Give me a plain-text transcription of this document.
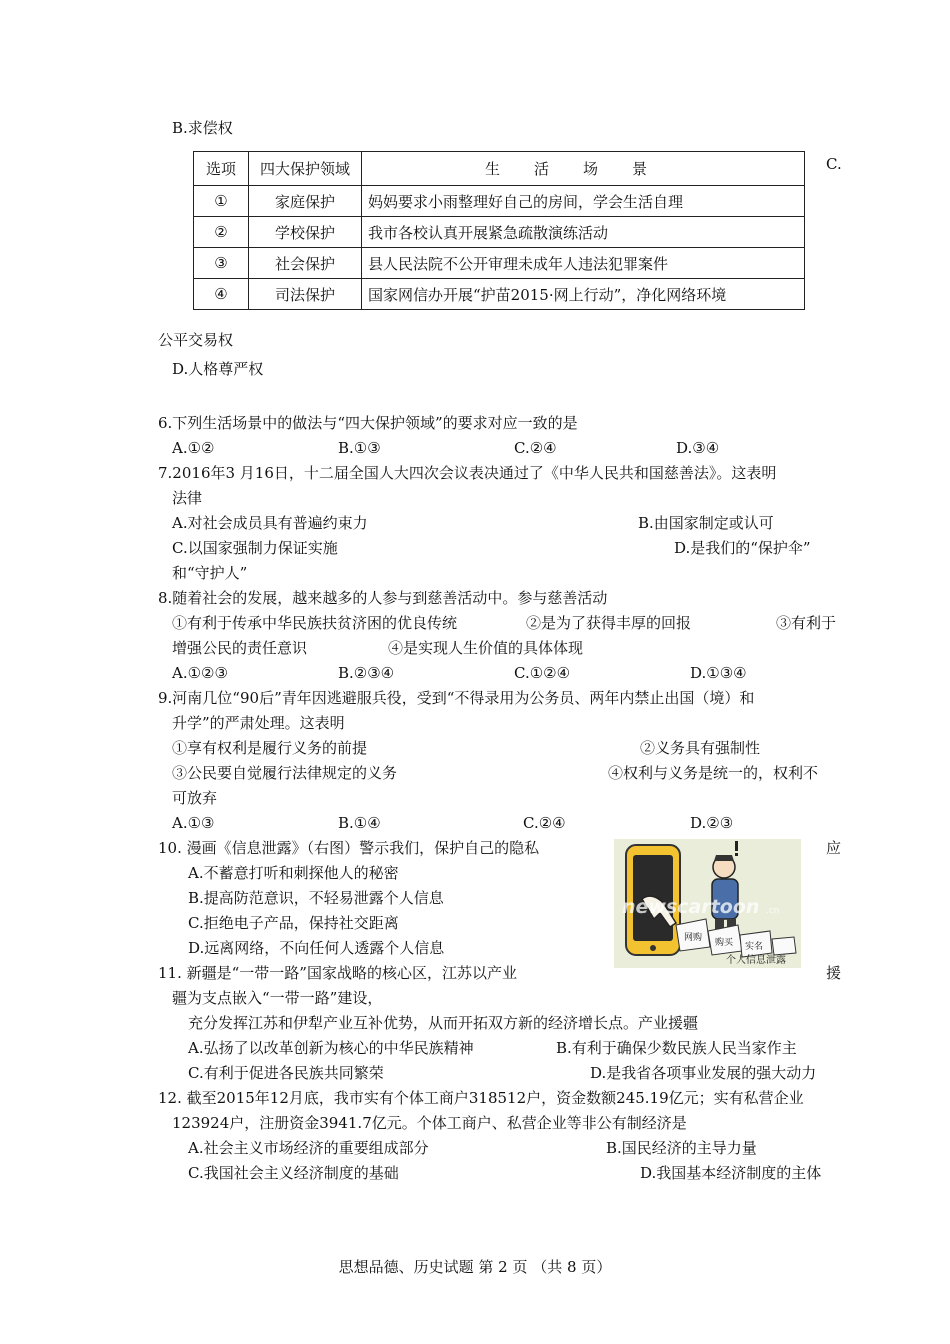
B.求偿权
C.
选项	四大保护领域	生活场景
①	家庭保护	妈妈要求小雨整理好自己的房间，学会生活自理
②	学校保护	我市各校认真开展紧急疏散演练活动
③	社会保护	县人民法院不公开审理未成年人违法犯罪案件
④	司法保护	国家网信办开展“护苗2015·网上行动”，净化网络环境
公平交易权
D.人格尊严权
6.下列生活场景中的做法与“四大保护领域”的要求对应一致的是
A.①②	B.①③	C.②④	D.③④
7.2016年3 月16日，十二届全国人大四次会议表决通过了《中华人民共和国慈善法》。这表明
法律
A.对社会成员具有普遍约束力	B.由国家制定或认可
C.以国家强制力保证实施	D.是我们的“保护伞”
和“守护人”
8.随着社会的发展，越来越多的人参与到慈善活动中。参与慈善活动
①有利于传承中华民族扶贫济困的优良传统	②是为了获得丰厚的回报	③有利于
增强公民的责任意识	④是实现人生价值的具体体现
A.①②③	B.②③④	C.①②④	D.①③④
9.河南几位“90后”青年因逃避服兵役，受到“不得录用为公务员、两年内禁止出国（境）和
升学”的严肃处理。这表明
①享有权利是履行义务的前提	②义务具有强制性
③公民要自觉履行法律规定的义务	④权利与义务是统一的，权利不
可放弃
A.①③	B.①④	C.②④	D.②③
10. 漫画《信息泄露》（右图）警示我们，保护自己的隐私	应
A.不蓄意打听和刺探他人的秘密
B.提高防范意识，不轻易泄露个人信息
C.拒绝电子产品，保持社交距离
D.远离网络，不向任何人透露个人信息
网购 购买 实名
newscartoon .cn
个人信息泄露
11. 新疆是“一带一路”国家战略的核心区，江苏以产业	援
疆为支点嵌入“一带一路”建设，
充分发挥江苏和伊犁产业互补优势，从而开拓双方新的经济增长点。产业援疆
A.弘扬了以改革创新为核心的中华民族精神	B.有利于确保少数民族人民当家作主
C.有利于促进各民族共同繁荣	D.是我省各项事业发展的强大动力
12. 截至2015年12月底，我市实有个体工商户318512户，资金数额245.19亿元；实有私营企业
123924户，注册资金3941.7亿元。个体工商户、私营企业等非公有制经济是
A.社会主义市场经济的重要组成部分	B.国民经济的主导力量
C.我国社会主义经济制度的基础	D.我国基本经济制度的主体
思想品德、历史试题 第 2 页 （共 8 页）
